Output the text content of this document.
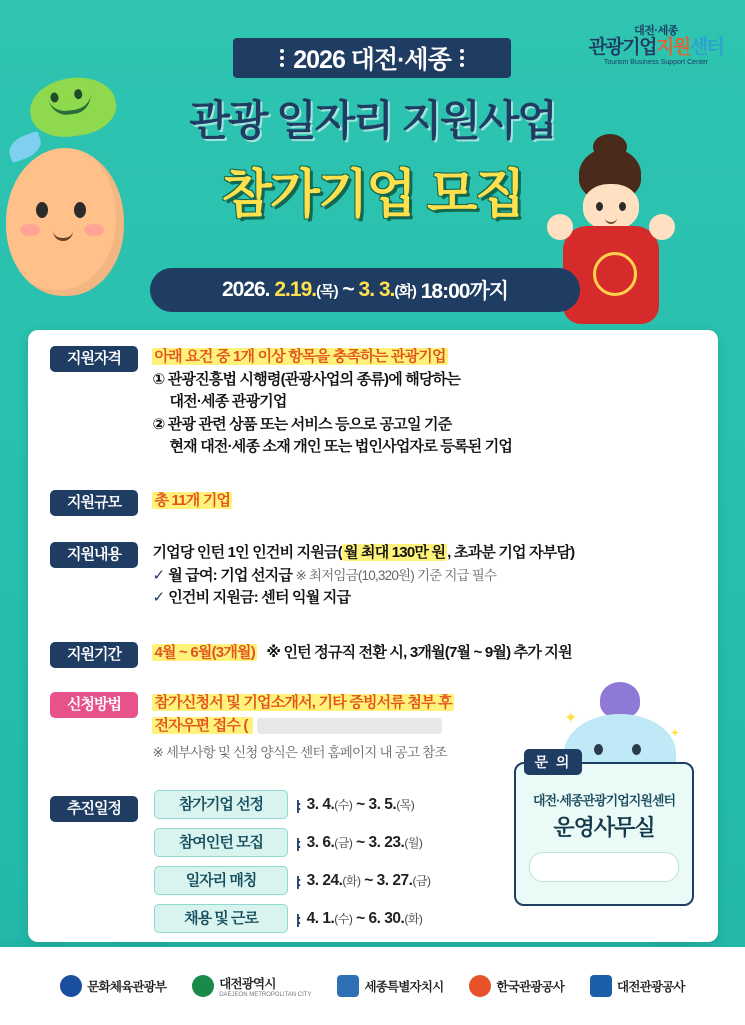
대전·세종
관광기업지원센터
Tourism Business Support Center
2026 대전·세종
관광 일자리 지원사업
참가기업 모집
2026.
2.19. (목)
~
3. 3. (화)
18:00까지
지원자격 아래 요건 중 1개 이상 항목을 충족하는 관광기업
① 관광진흥법 시행령(관광사업의 종류)에 해당하는
대전·세종 관광기업
② 관광 관련 상품 또는 서비스 등으로 공고일 기준
현재 대전·세종 소재 개인 또는 법인사업자로 등록된 기업
지원규모 총 11개 기업
지원내용 기업당 인턴 1인 인건비 지원금( 월 최대 130만 원 , 초과분 기업 자부담)
✓ 월 급여: 기업 선지급 ※ 최저임금(10,320원) 기준 지급 필수
✓ 인건비 지원금: 센터 익월 지급
지원기간 4월 ~ 6월(3개월) ※ 인턴 정규직 전환 시, 3개월(7월 ~ 9월) 추가 지원
신청방법 참가신청서 및 기업소개서, 기타 증빙서류 첨부 후
전자우편 접수 (
※ 세부사항 및 신청 양식은 센터 홈페이지 내 공고 참조
추진일정	참가기업 선정	|: 3. 4.(수) ~ 3. 5.(목)
참여인턴 모집	|: 3. 6.(금) ~ 3. 23.(월)
일자리 매칭	|: 3. 24.(화) ~ 3. 27.(금)
채용 및 근로	|: 4. 1.(수) ~ 6. 30.(화)
✦
✦
문 의
대전·세종관광기업지원센터
운영사무실
문화체육관광부	대전광역시
DAEJEON METROPOLITAN CITY
세종특별자치시	한국관광공사	대전관광공사
